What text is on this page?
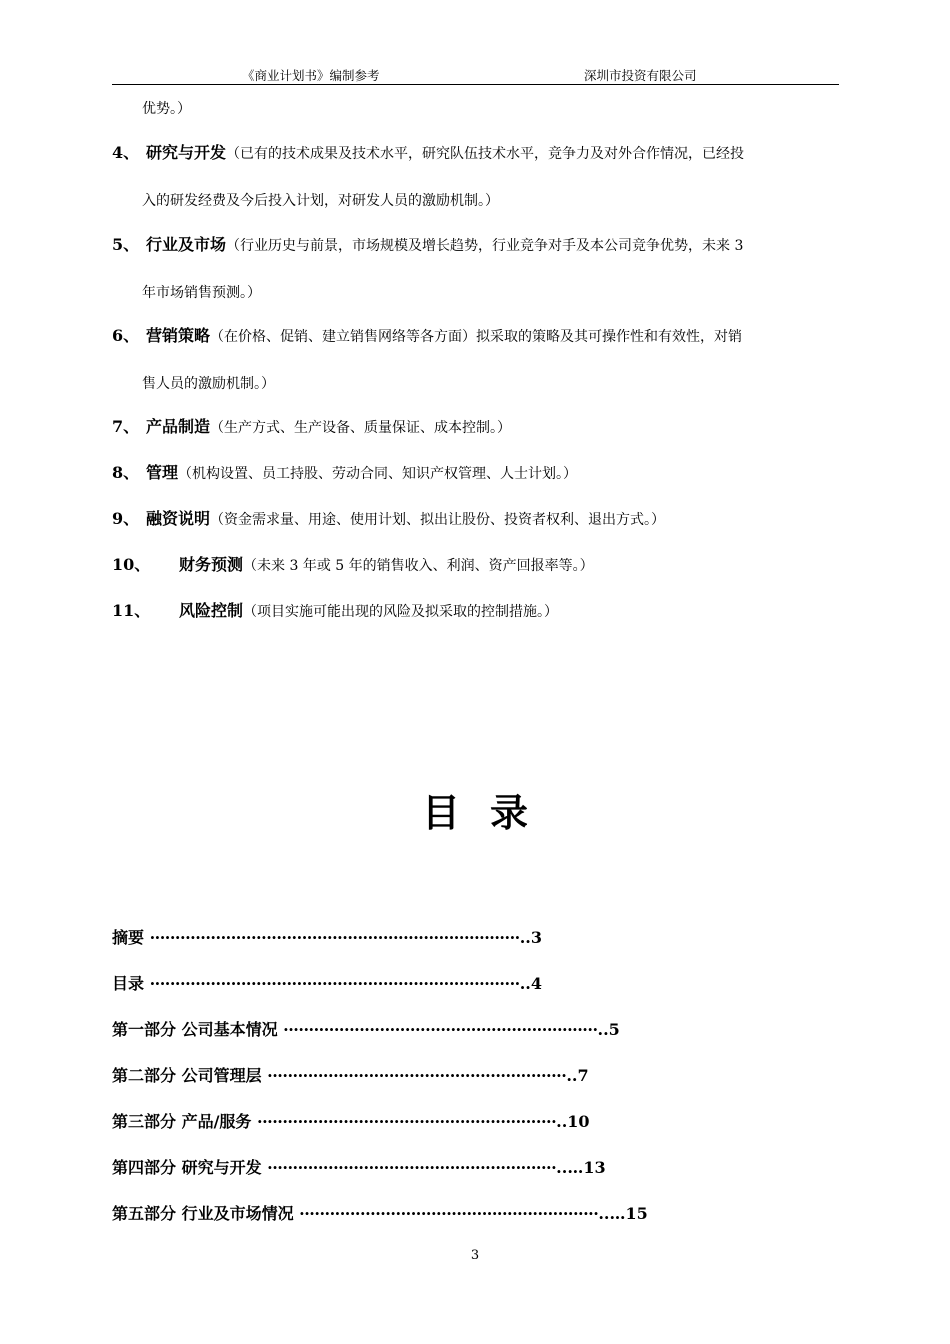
《商业计划书》编制参考	深圳市投资有限公司
优势。）
4、 研究与开发（已有的技术成果及技术水平，研究队伍技术水平，竞争力及对外合作情况，已经投
入的研发经费及今后投入计划，对研发人员的激励机制。）
5、 行业及市场（行业历史与前景，市场规模及增长趋势，行业竞争对手及本公司竞争优势，未来 3
年市场销售预测。）
6、 营销策略（在价格、促销、建立销售网络等各方面）拟采取的策略及其可操作性和有效性，对销
售人员的激励机制。）
7、 产品制造（生产方式、生产设备、质量保证、成本控制。）
8、 管理（机构设置、员工持股、劳动合同、知识产权管理、人士计划。）
9、 融资说明（资金需求量、用途、使用计划、拟出让股份、投资者权利、退出方式。）
10、 财务预测（未来 3 年或 5 年的销售收入、利润、资产回报率等。）
11、 风险控制（项目实施可能出现的风险及拟采取的控制措施。）
目录
摘要 ·········································································..3
目录 ·········································································..4
第一部分 公司基本情况 ······························································..5
第二部分 公司管理层 ···························································..7
第三部分 产品/服务 ···························································..10
第四部分 研究与开发 ·························································..…13
第五部分 行业及市场情况 ···························································..…15
3
